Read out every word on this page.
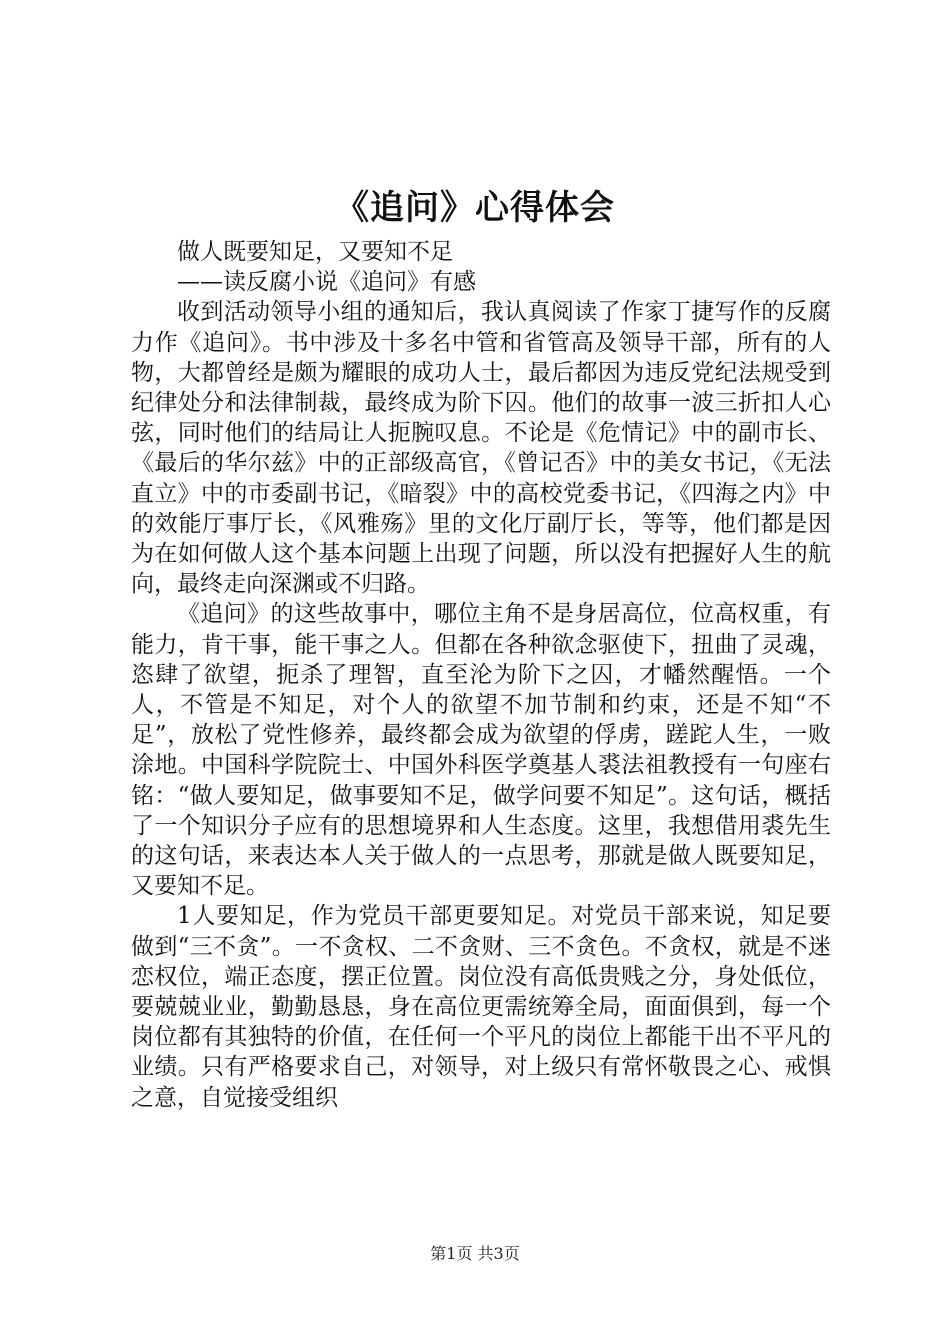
《追问》心得体会

做人既要知足，又要知不足

——读反腐小说《追问》有感

收到活动领导小组的通知后，我认真阅读了作家丁捷写作的反腐力作《追问》。书中涉及十多名中管和省管高及领导干部，所有的人物，大都曾经是颇为耀眼的成功人士，最后都因为违反党纪法规受到纪律处分和法律制裁，最终成为阶下囚。他们的故事一波三折扣人心弦，同时他们的结局让人扼腕叹息。不论是《危情记》中的副市长、《最后的华尔兹》中的正部级高官，《曾记否》中的美女书记，《无法直立》中的市委副书记，《暗裂》中的高校党委书记，《四海之内》中的效能厅事厅长，《风雅殇》里的文化厅副厅长，等等，他们都是因为在如何做人这个基本问题上出现了问题，所以没有把握好人生的航向，最终走向深渊或不归路。

《追问》的这些故事中，哪位主角不是身居高位，位高权重，有能力，肯干事，能干事之人。但都在各种欲念驱使下，扭曲了灵魂，恣肆了欲望，扼杀了理智，直至沦为阶下之囚，才幡然醒悟。一个人，不管是不知足，对个人的欲望不加节制和约束，还是不知“不足”，放松了党性修养，最终都会成为欲望的俘虏，蹉跎人生，一败涂地。中国科学院院士、中国外科医学奠基人裘法祖教授有一句座右铭：“做人要知足，做事要知不足，做学问要不知足”。这句话，概括了一个知识分子应有的思想境界和人生态度。这里，我想借用裘先生的这句话，来表达本人关于做人的一点思考，那就是做人既要知足，又要知不足。

1人要知足，作为党员干部更要知足。对党员干部来说，知足要做到“三不贪”。一不贪权、二不贪财、三不贪色。不贪权，就是不迷恋权位，端正态度，摆正位置。岗位没有高低贵贱之分，身处低位，要兢兢业业，勤勤恳恳，身在高位更需统筹全局，面面俱到，每一个岗位都有其独特的价值，在任何一个平凡的岗位上都能干出不平凡的业绩。只有严格要求自己，对领导，对上级只有常怀敬畏之心、戒惧之意，自觉接受组织

第1页 共3页
